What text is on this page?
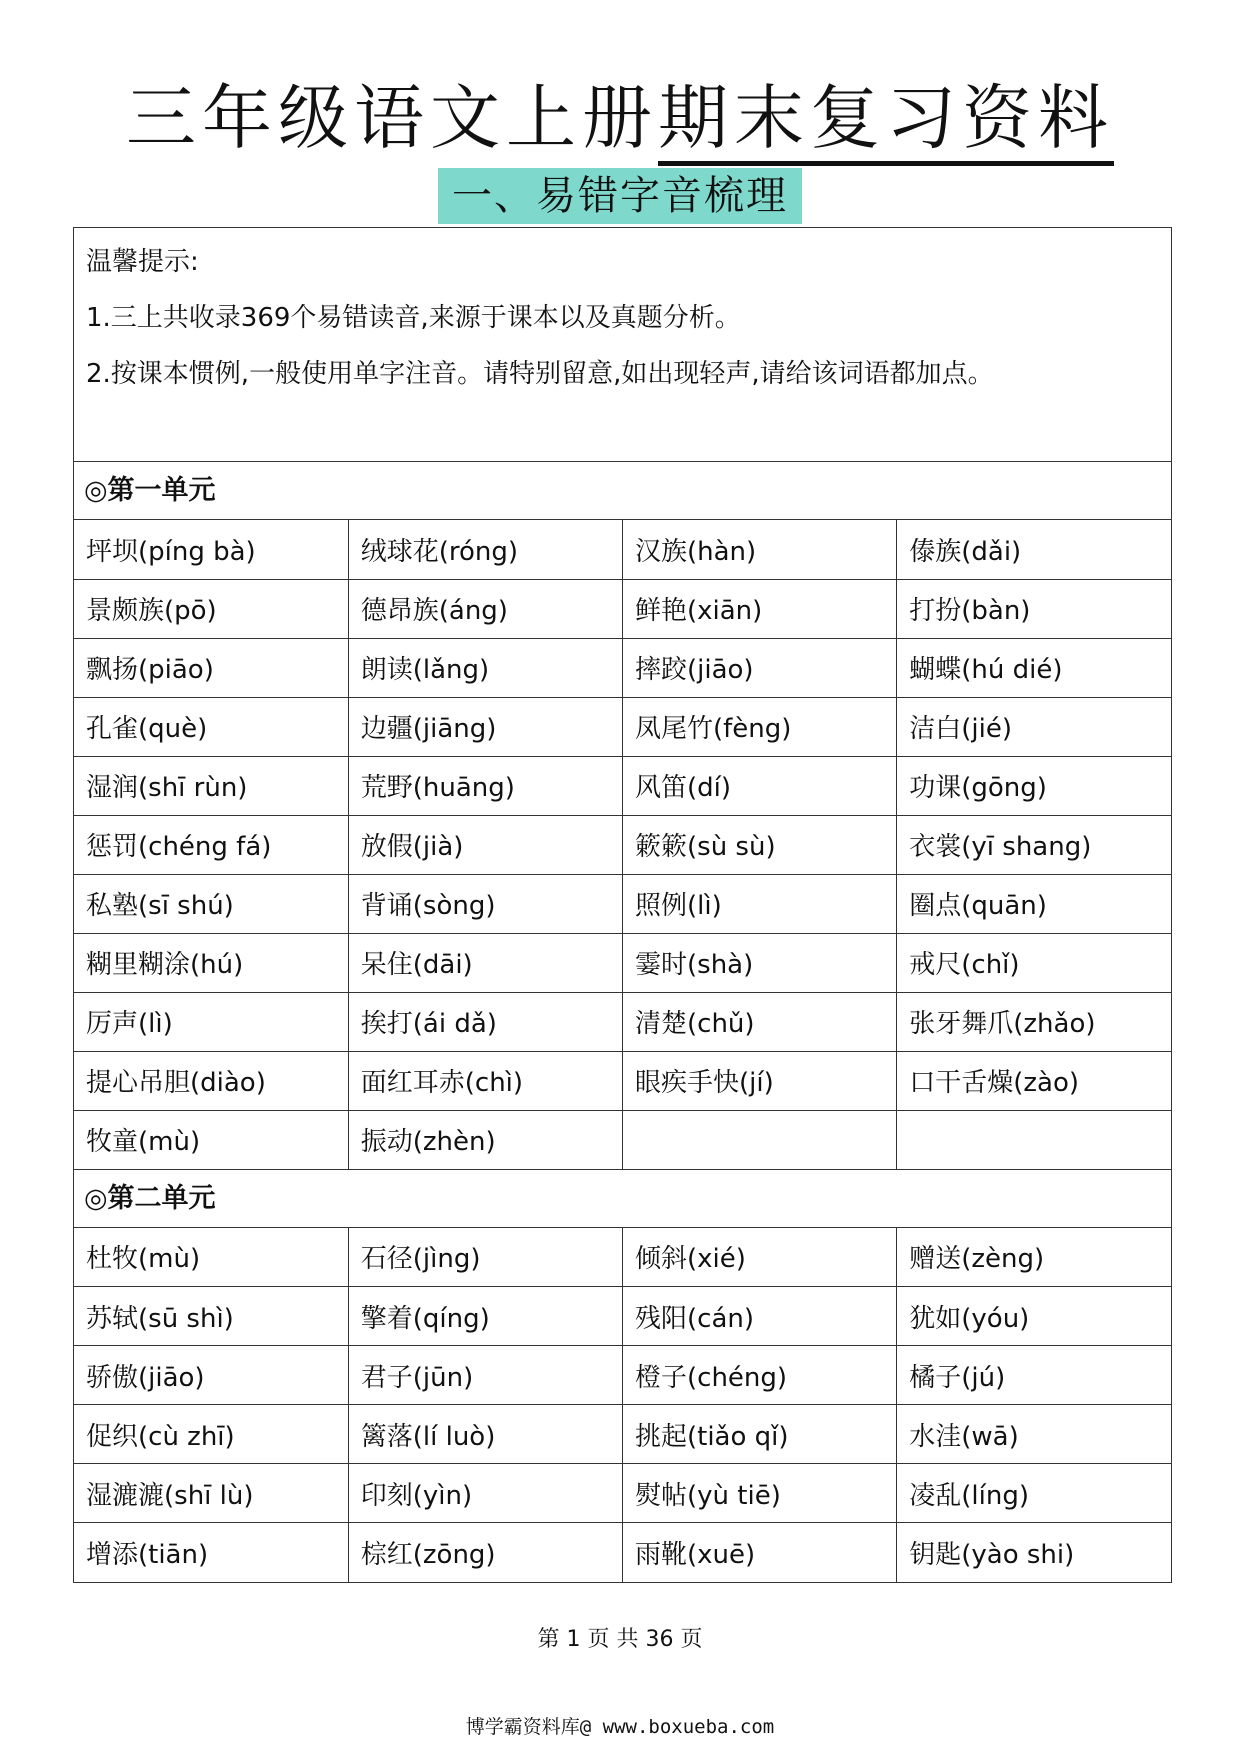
三年级语文上册期末复习资料
一、易错字音梳理

温馨提示:

1.三上共收录369个易错读音,来源于课本以及真题分析。

2.按课本惯例,一般使用单字注音。请特别留意,如出现轻声,请给该词语都加点。

◎第一单元
坪坝(píng bà)	绒球花(róng)	汉族(hàn)	傣族(dǎi)
景颇族(pō)	德昂族(áng)	鲜艳(xiān)	打扮(bàn)
飘扬(piāo)	朗读(lǎng)	摔跤(jiāo)	蝴蝶(hú dié)
孔雀(què)	边疆(jiāng)	凤尾竹(fèng)	洁白(jié)
湿润(shī rùn)	荒野(huāng)	风笛(dí)	功课(gōng)
惩罚(chéng fá)	放假(jià)	簌簌(sù sù)	衣裳(yī shang)
私塾(sī shú)	背诵(sòng)	照例(lì)	圈点(quān)
糊里糊涂(hú)	呆住(dāi)	霎时(shà)	戒尺(chǐ)
厉声(lì)	挨打(ái dǎ)	清楚(chǔ)	张牙舞爪(zhǎo)
提心吊胆(diào)	面红耳赤(chì)	眼疾手快(jí)	口干舌燥(zào)
牧童(mù)	振动(zhèn)		
◎第二单元
杜牧(mù)	石径(jìng)	倾斜(xié)	赠送(zèng)
苏轼(sū shì)	擎着(qíng)	残阳(cán)	犹如(yóu)
骄傲(jiāo)	君子(jūn)	橙子(chéng)	橘子(jú)
促织(cù zhī)	篱落(lí luò)	挑起(tiǎo qǐ)	水洼(wā)
湿漉漉(shī lù)	印刻(yìn)	熨帖(yù tiē)	凌乱(líng)
增添(tiān)	棕红(zōng)	雨靴(xuē)	钥匙(yào shi)
第 1 页 共 36 页
博学霸资料库@ www.boxueba.com
